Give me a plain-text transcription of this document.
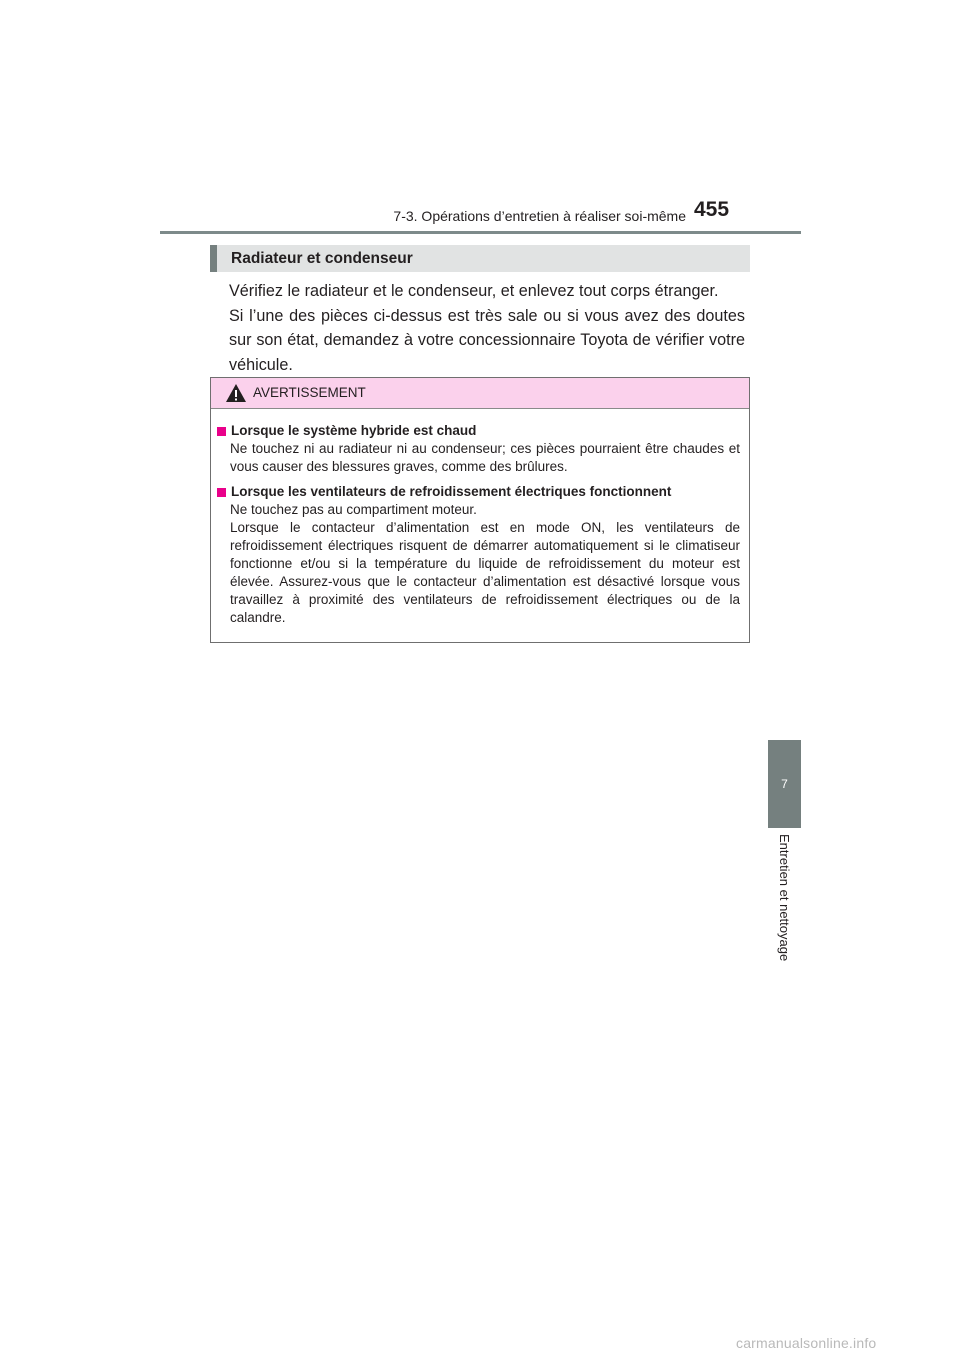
7-3. Opérations d’entretien à réaliser soi-même 455
Radiateur et condenseur

Vérifiez le radiateur et le condenseur, et enlevez tout corps étranger.

Si l’une des pièces ci-dessus est très sale ou si vous avez des doutes sur son état, demandez à votre concessionnaire Toyota de vérifier votre véhicule.

AVERTISSEMENT
Lorsque le système hybride est chaud

Ne touchez ni au radiateur ni au condenseur; ces pièces pourraient être chaudes et vous causer des blessures graves, comme des brûlures.

Lorsque les ventilateurs de refroidissement électriques fonctionnent

Ne touchez pas au compartiment moteur.

Lorsque le contacteur d’alimentation est en mode ON, les ventilateurs de refroidissement électriques risquent de démarrer automatiquement si le climatiseur fonctionne et/ou si la température du liquide de refroidissement du moteur est élevée. Assurez-vous que le contacteur d’alimentation est désactivé lorsque vous travaillez à proximité des ventilateurs de refroidissement électriques ou de la calandre.

7
Entretien et nettoyage
carmanualsonline.info
